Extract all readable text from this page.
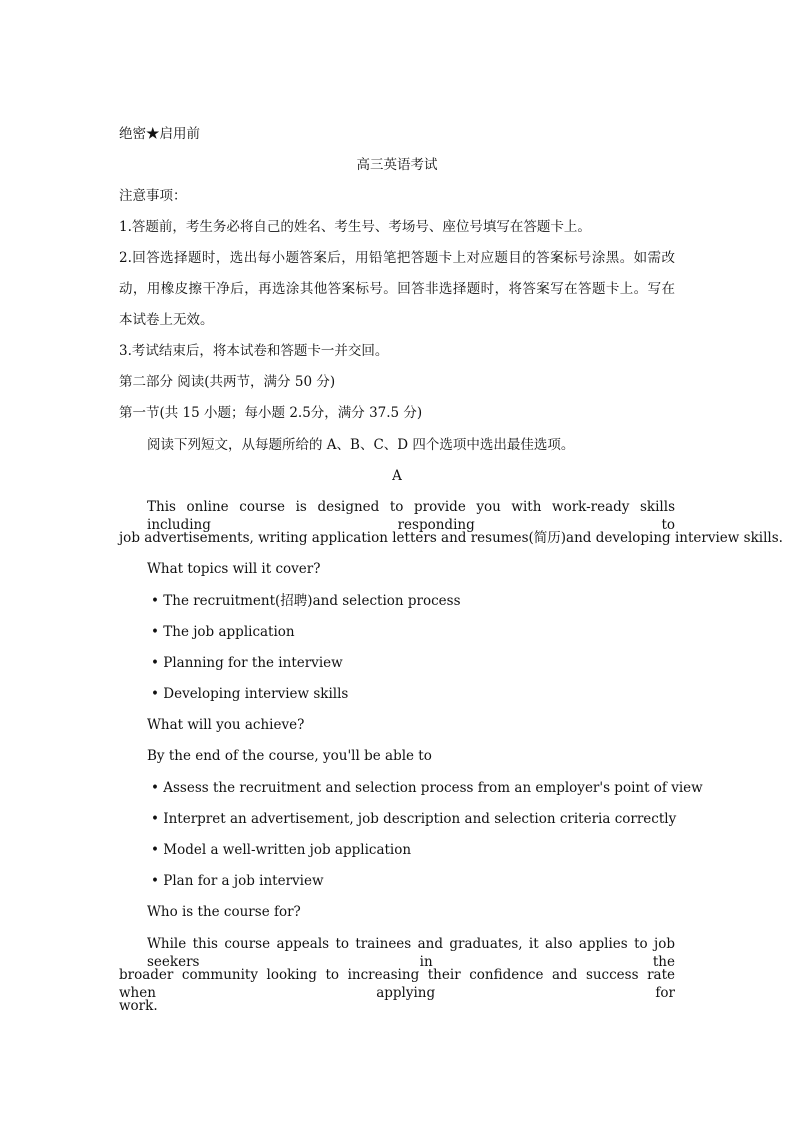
绝密★启用前
高三英语考试
注意事项：
1.答题前，考生务必将自己的姓名、考生号、考场号、座位号填写在答题卡上。
2.回答选择题时，选出每小题答案后，用铅笔把答题卡上对应题目的答案标号涂黑。如需改
动，用橡皮擦干净后，再选涂其他答案标号。回答非选择题时，将答案写在答题卡上。写在
本试卷上无效。
3.考试结束后，将本试卷和答题卡一并交回。
第二部分 阅读(共两节，满分 50 分)
第一节(共 15 小题；每小题 2.5分，满分 37.5 分)
阅读下列短文，从每题所给的 A、B、C、D 四个选项中选出最佳选项。
A
This online course is designed to provide you with work-ready skills including responding to
job advertisements, writing application letters and resumes(简历)and developing interview skills.
What topics will it cover?
• The recruitment(招聘)and selection process
• The job application
• Planning for the interview
• Developing interview skills
What will you achieve?
By the end of the course, you'll be able to
• Assess the recruitment and selection process from an employer's point of view
• Interpret an advertisement, job description and selection criteria correctly
• Model a well-written job application
• Plan for a job interview
Who is the course for?
While this course appeals to trainees and graduates, it also applies to job seekers in the
broader community looking to increasing their confidence and success rate when applying for
work.
